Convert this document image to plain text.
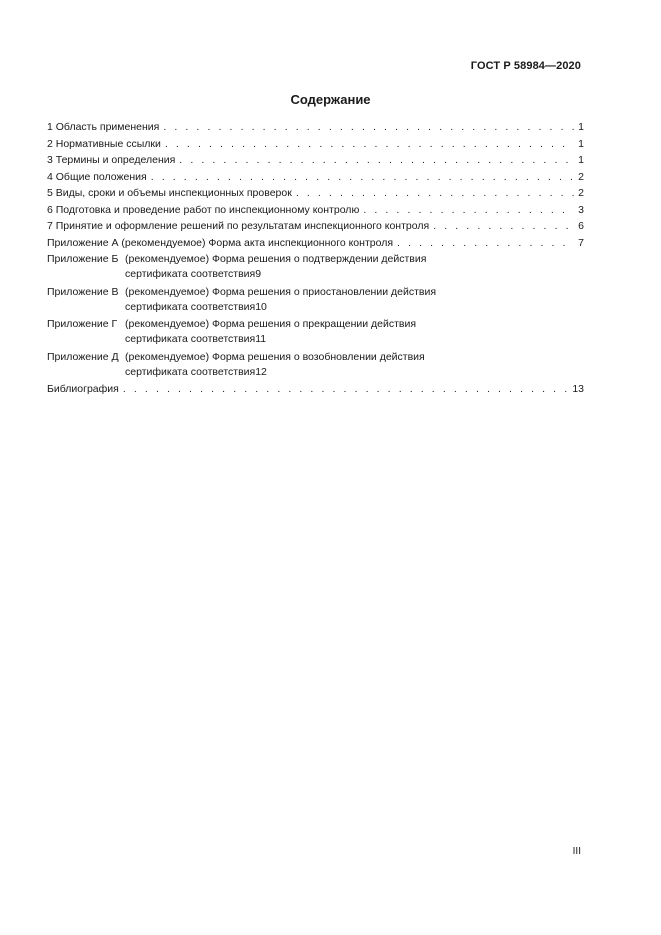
ГОСТ Р 58984—2020
Содержание
1 Область применения . . .	1
2 Нормативные ссылки . . .	1
3 Термины и определения . . .	1
4 Общие положения . . .	2
5 Виды, сроки и объемы инспекционных проверок . . .	2
6 Подготовка и проведение работ по инспекционному контролю . . .	3
7 Принятие и оформление решений по результатам инспекционного контроля . . .	6
Приложение А (рекомендуемое) Форма акта инспекционного контроля . . .	7
Приложение Б (рекомендуемое) Форма решения о подтверждении действия
сертификата соответствия 9
Приложение В (рекомендуемое) Форма решения о приостановлении действия
сертификата соответствия 10
Приложение Г (рекомендуемое) Форма решения о прекращении действия
сертификата соответствия 11
Приложение Д (рекомендуемое) Форма решения о возобновлении действия
сертификата соответствия 12
Библиография . . .	13
III
